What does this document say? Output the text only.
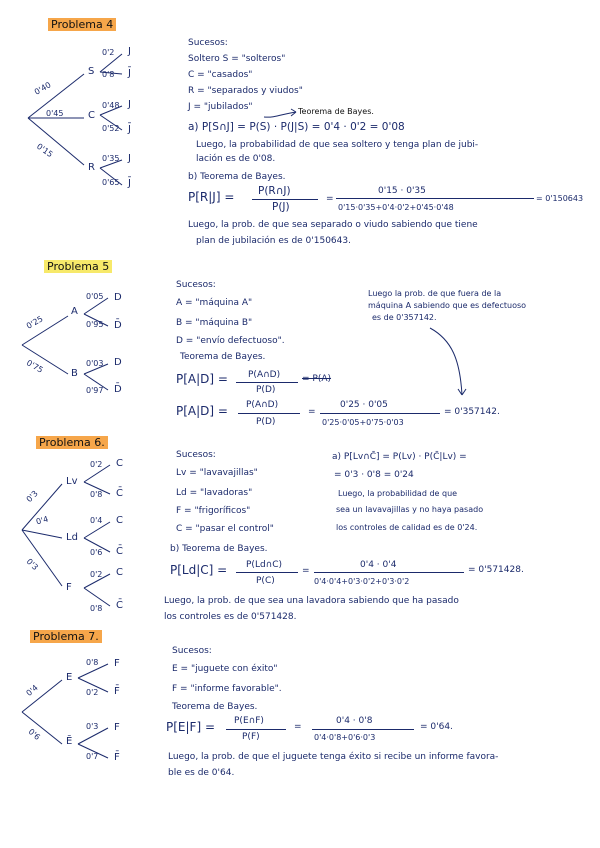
Problema 4
0'40
0'45
0'15
S
C
R
0'2
0'8
0'48
0'52
0'35
0'65
J
J̄
J
J̄
J
J̄
Sucesos:
Soltero S = "solteros"
C = "casados"
R = "separados y viudos"
J = "jubilados"	Teorema de Bayes.
a) P[S∩J] = P(S) · P(J|S) = 0'4 · 0'2 = 0'08
Luego, la probabilidad de que sea soltero y tenga plan de jubi-
lación es de 0'08.
b) Teorema de Bayes.
P[R|J] = P(R∩J)
P(J)
=
0'15 · 0'35
0'15·0'35+0'4·0'2+0'45·0'48
= 0'150643
Luego, la prob. de que sea separado o viudo sabiendo que tiene
plan de jubilación es de 0'150643.
Problema 5
0'25
0'75
A
B
0'05
0'95
0'03
0'97
D
D̄
D
D̄
Sucesos:
A = "máquina A"
B = "máquina B"
D = "envío defectuoso".
Teorema de Bayes.
Luego la prob. de que fuera de la
máquina A sabiendo que es defectuoso
es de 0'357142.
P[A|D] = P(A∩D)
P(D)
= P(A)
P[A|D] = P(A∩D)
P(D)
=
0'25 · 0'05
0'25·0'05+0'75·0'03
= 0'357142.
Problema 6.
0'3
0'4
0'3
Lv
Ld
F
0'2
0'8
0'4
0'6
0'2
0'8
C
C̄
C
C̄
C
C̄
Sucesos:
Lv = "lavavajillas"
Ld = "lavadoras"
F = "frigoríficos"
C = "pasar el control"
a) P[Lv∩C̄] = P(Lv) · P(C̄|Lv) =
= 0'3 · 0'8 = 0'24
Luego, la probabilidad de que
sea un lavavajillas y no haya pasado
los controles de calidad es de 0'24.
b) Teorema de Bayes.
P[Ld|C] = P(Ld∩C)
P(C)
=
0'4 · 0'4
0'4·0'4+0'3·0'2+0'3·0'2
= 0'571428.
Luego, la prob. de que sea una lavadora sabiendo que ha pasado
los controles es de 0'571428.
Problema 7.
0'4
0'6
E
Ē
0'8
0'2
0'3
0'7
F
F̄
F
F̄
Sucesos:
E = "juguete con éxito"
F = "informe favorable".
Teorema de Bayes.
P[E|F] = P(E∩F)
P(F)
=
0'4 · 0'8
0'4·0'8+0'6·0'3
= 0'64.
Luego, la prob. de que el juguete tenga éxito si recibe un informe favora-
ble es de 0'64.
